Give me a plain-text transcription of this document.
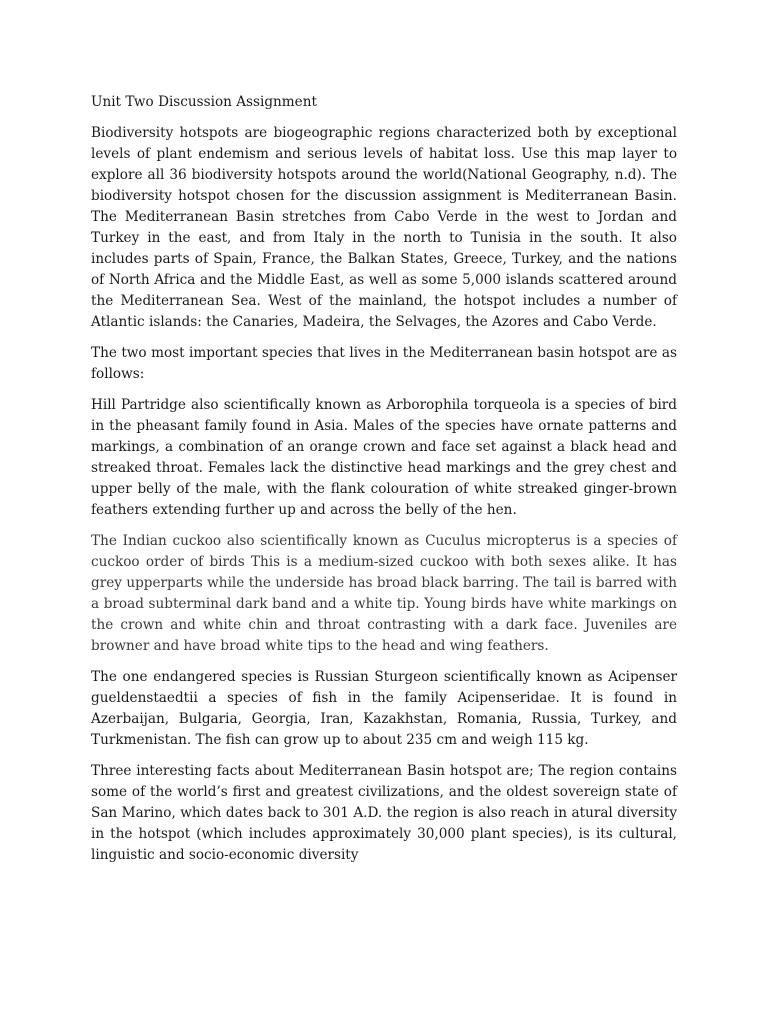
Unit Two Discussion Assignment

Biodiversity hotspots are biogeographic regions characterized both by exceptional levels of plant endemism and serious levels of habitat loss. Use this map layer to explore all 36 biodiversity hotspots around the world(National Geography, n.d). The biodiversity hotspot chosen for the discussion assignment is Mediterranean Basin. The Mediterranean Basin stretches from Cabo Verde in the west to Jordan and Turkey in the east, and from Italy in the north to Tunisia in the south. It also includes parts of Spain, France, the Balkan States, Greece, Turkey, and the nations of North Africa and the Middle East, as well as some 5,000 islands scattered around the Mediterranean Sea. West of the mainland, the hotspot includes a number of Atlantic islands: the Canaries, Madeira, the Selvages, the Azores and Cabo Verde.

The two most important species that lives in the Mediterranean basin hotspot are as follows:

Hill Partridge also scientifically known as Arborophila torqueola is a species of bird in the pheasant family found in Asia. Males of the species have ornate patterns and markings, a combination of an orange crown and face set against a black head and streaked throat. Females lack the distinctive head markings and the grey chest and upper belly of the male, with the flank colouration of white streaked ginger-brown feathers extending further up and across the belly of the hen.

The Indian cuckoo also scientifically known as Cuculus micropterus is a species of cuckoo order of birds This is a medium-sized cuckoo with both sexes alike. It has grey upperparts while the underside has broad black barring. The tail is barred with a broad subterminal dark band and a white tip. Young birds have white markings on the crown and white chin and throat contrasting with a dark face. Juveniles are browner and have broad white tips to the head and wing feathers.

The one endangered species is Russian Sturgeon scientifically known as Acipenser gueldenstaedtii a species of fish in the family Acipenseridae. It is found in Azerbaijan, Bulgaria, Georgia, Iran, Kazakhstan, Romania, Russia, Turkey, and Turkmenistan. The fish can grow up to about 235 cm and weigh 115 kg.

Three interesting facts about Mediterranean Basin hotspot are; The region contains some of the world’s first and greatest civilizations, and the oldest sovereign state of San Marino, which dates back to 301 A.D. the region is also reach in atural diversity in the hotspot (which includes approximately 30,000 plant species), is its cultural, linguistic and socio-economic diversity
